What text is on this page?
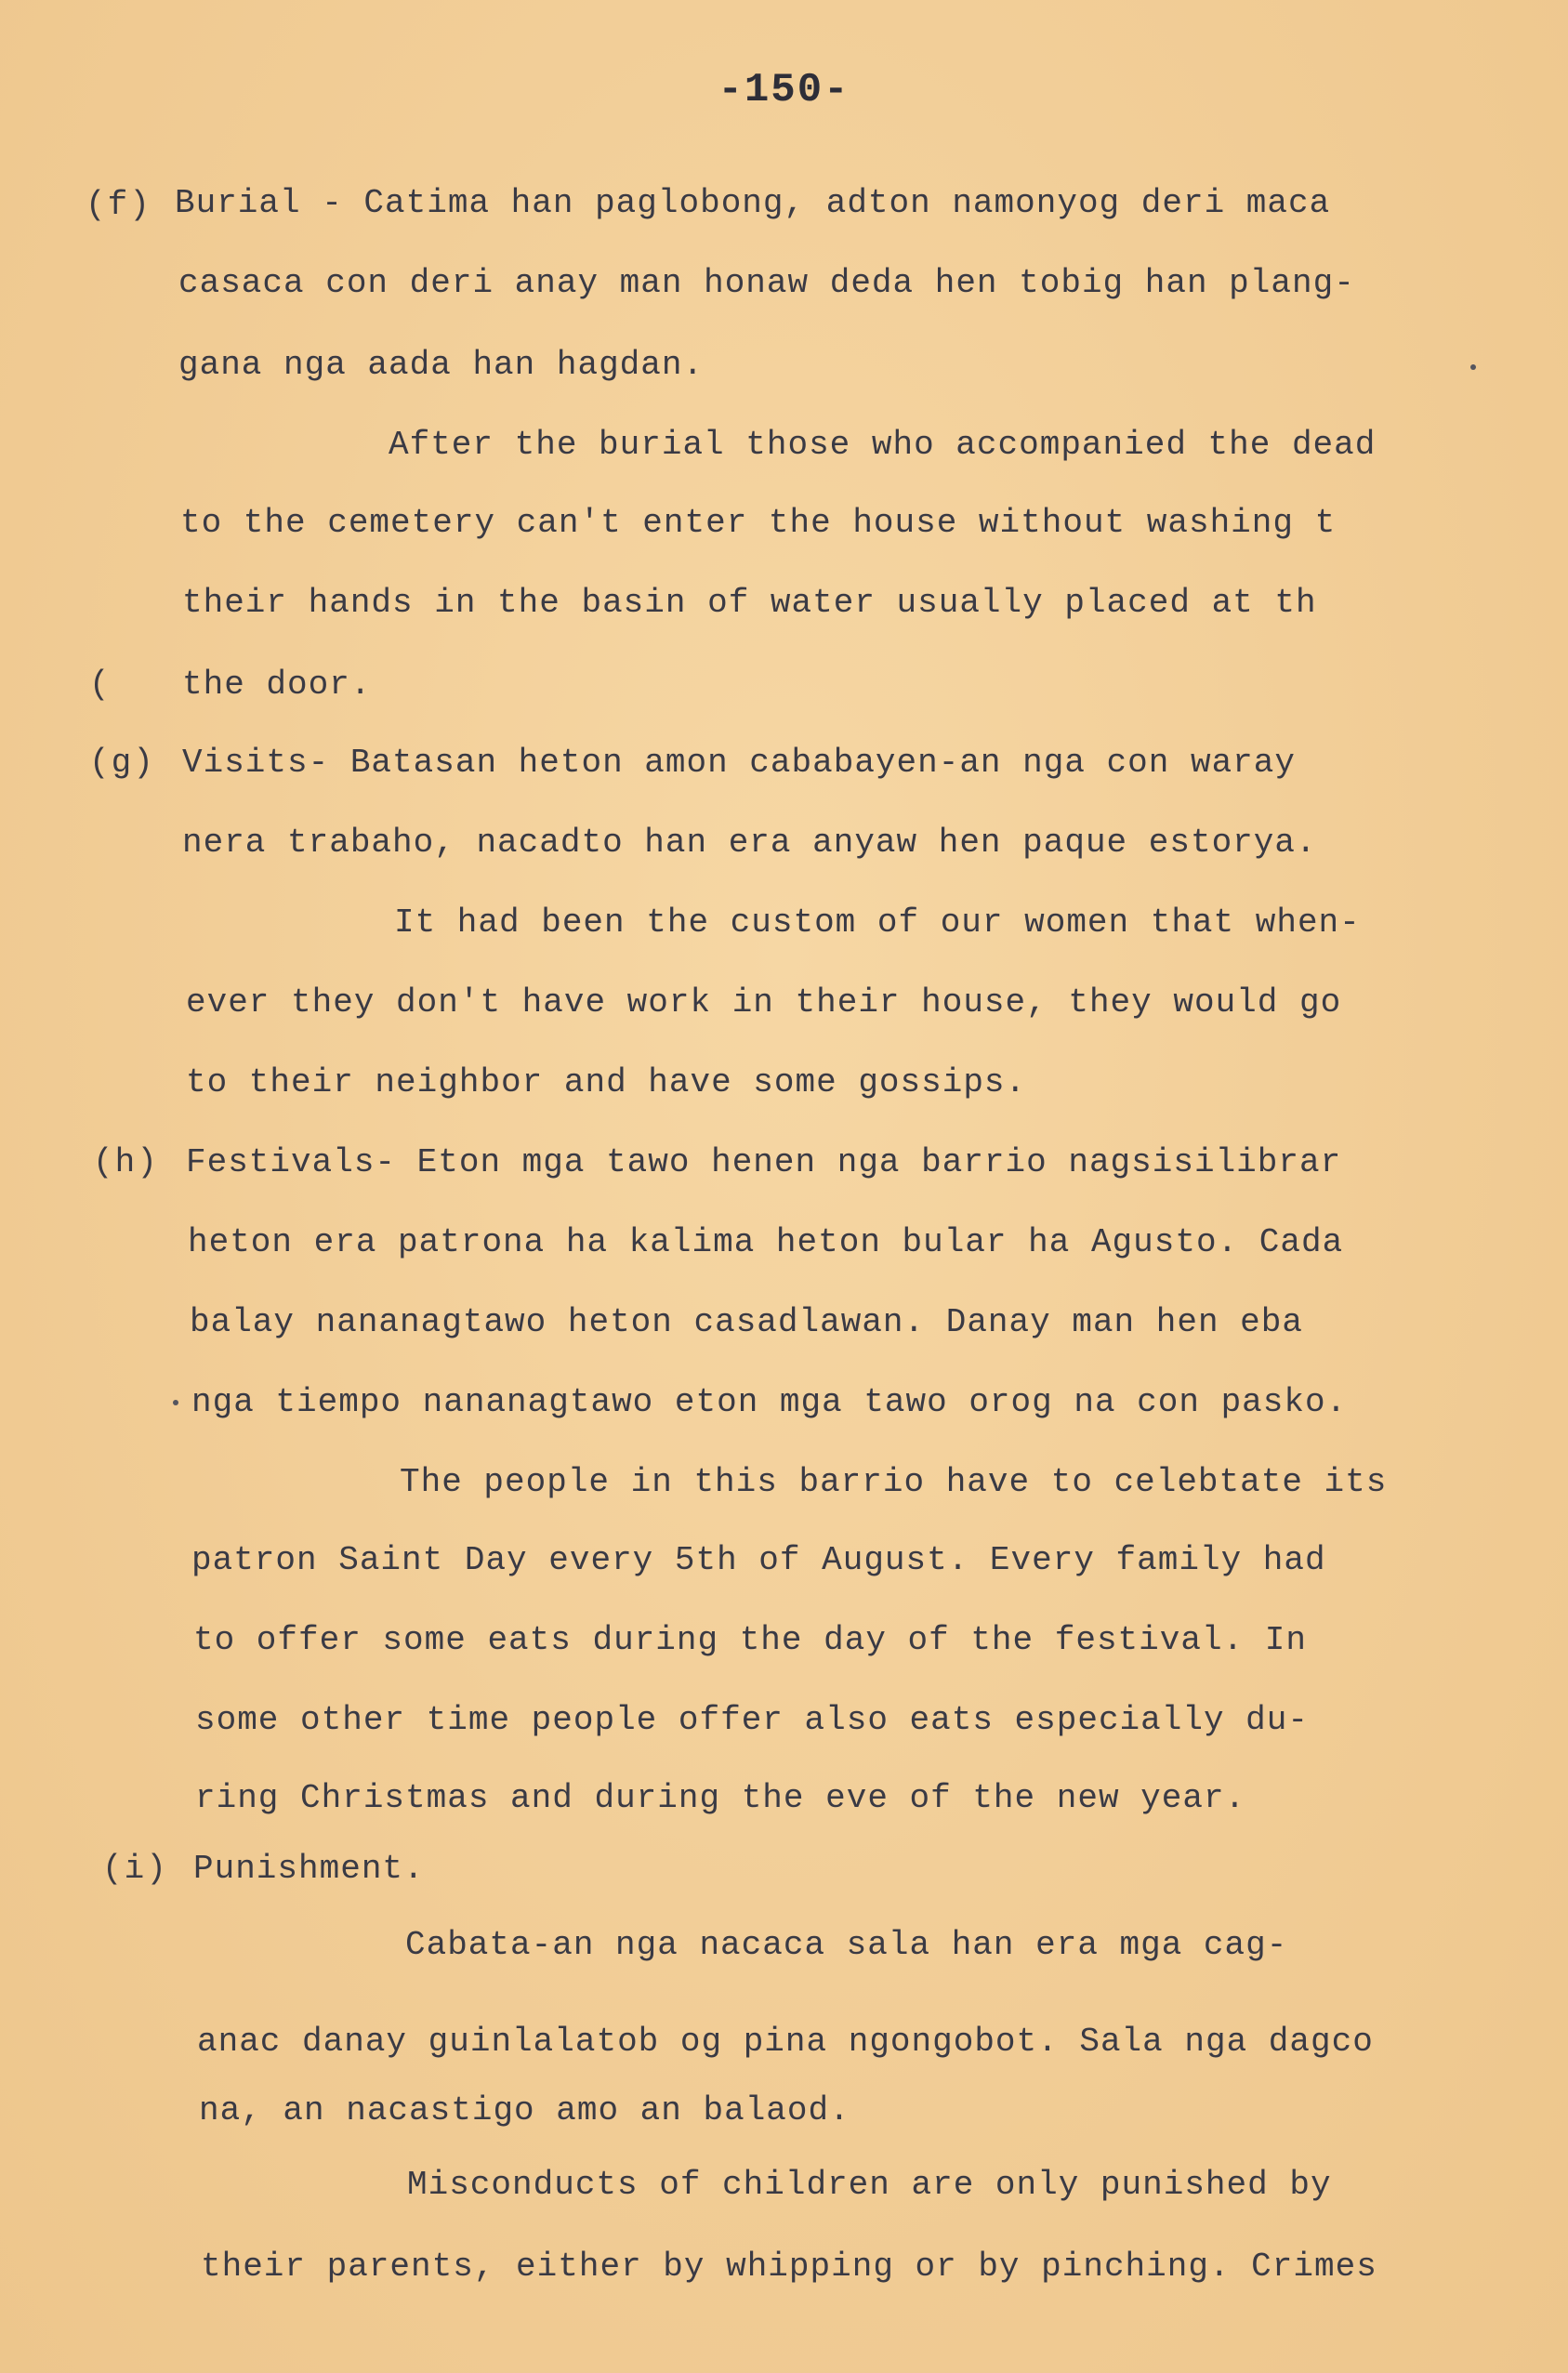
-150-
(f)
(
(g)
(h)
(i)
Burial - Catima han paglobong, adton namonyog deri maca
casaca con deri anay man honaw deda hen tobig han plang-
gana nga aada han hagdan.
After the burial those who accompanied the dead
to the cemetery can't enter the house without washing t
their hands in the basin of water usually placed at th
the door.
Visits- Batasan heton amon cababayen-an nga con waray
nera trabaho, nacadto han era anyaw hen paque estorya.
It had been the custom of our women that when-
ever they don't have work in their house, they would go
to their neighbor and have some gossips.
Festivals- Eton mga tawo henen nga barrio nagsisilibrar
heton era patrona ha kalima heton bular ha Agusto. Cada
balay nananagtawo heton casadlawan. Danay man hen eba
nga tiempo nananagtawo eton mga tawo orog na con pasko.
The people in this barrio have to celebtate its
patron Saint Day every 5th of August. Every family had
to offer some eats during the day of the festival. In
some other time people offer also eats especially du-
ring Christmas and during the eve of the new year.
Punishment.
Cabata-an nga nacaca sala han era mga cag-
anac danay guinlalatob og pina ngongobot. Sala nga dagco
na, an nacastigo amo an balaod.
Misconducts of children are only punished by
their parents, either by whipping or by pinching. Crimes
